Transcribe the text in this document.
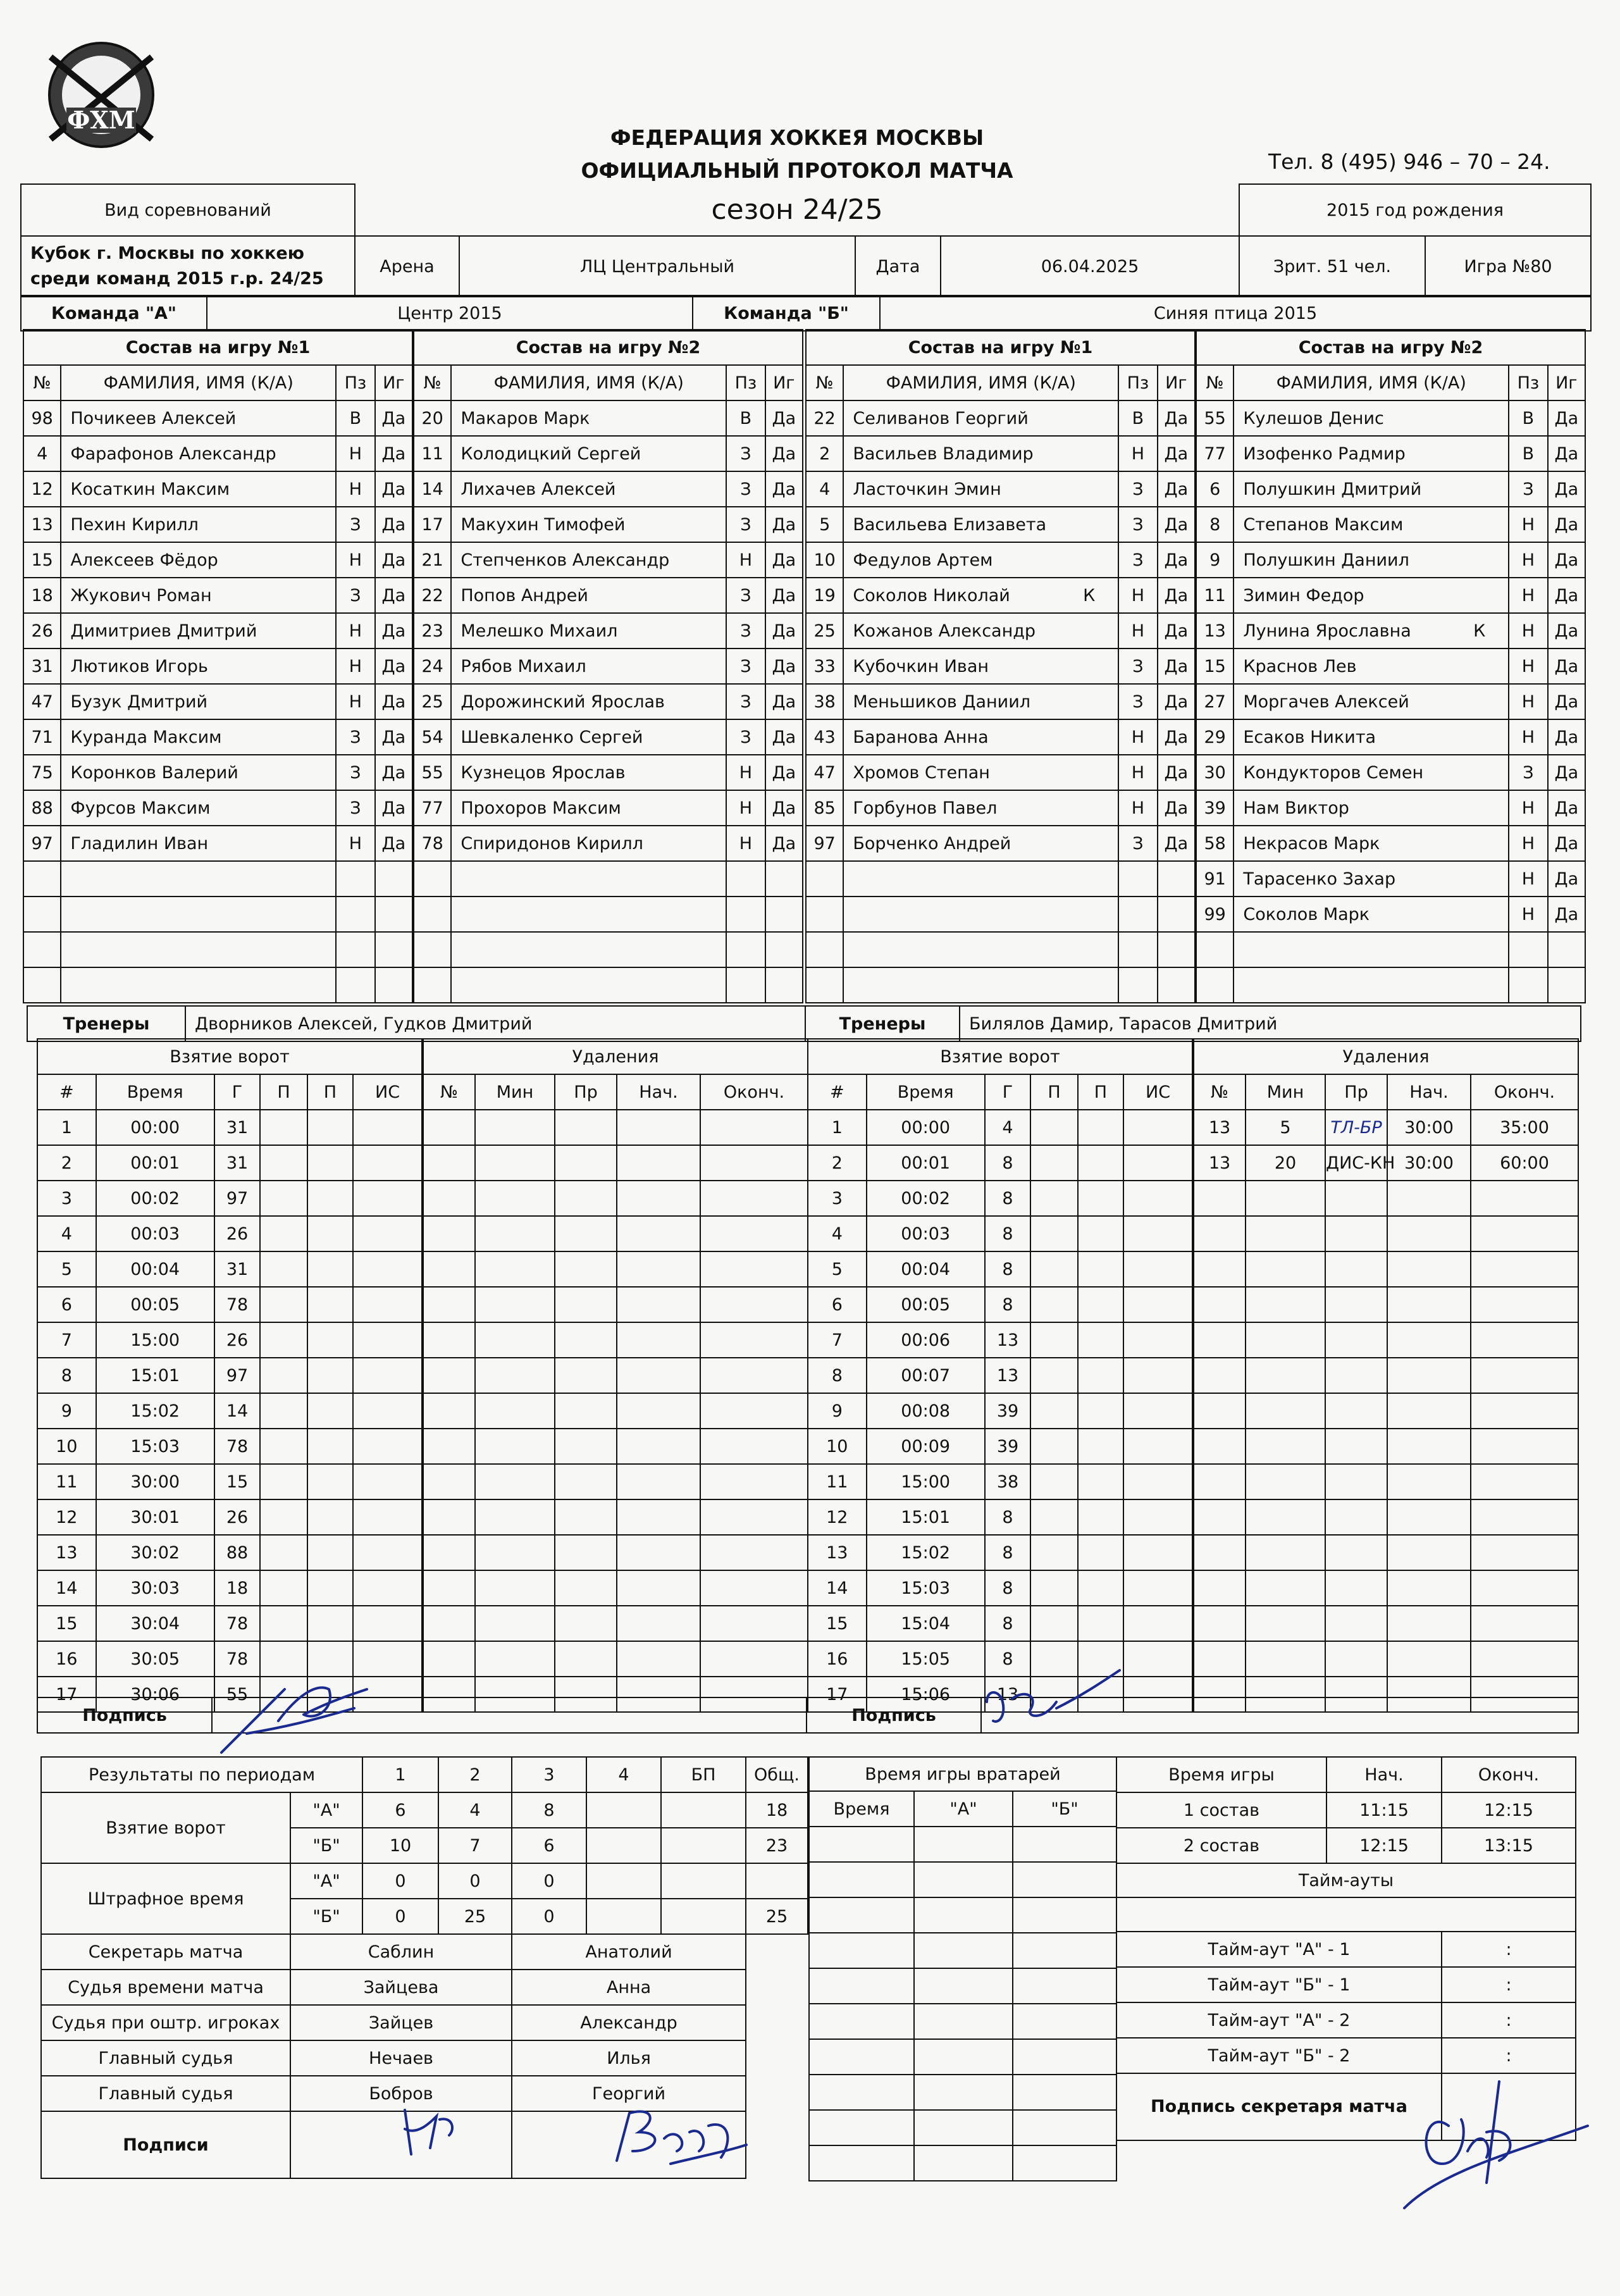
ФХМ
ФЕДЕРАЦИЯ ХОККЕЯ МОСКВЫ
ОФИЦИАЛЬНЫЙ ПРОТОКОЛ МАТЧА	Тел. 8 (495) 946 – 70 – 24.
Вид соревнований	сезон 24/25				2015 год рождения	
Кубок г. Москвы по хоккею среди команд 2015 г.р. 24/25	Арена	ЛЦ Центральный	Дата	06.04.2025	Зрит. 51 чел.	Игра №80
Команда "А"	Центр 2015	Команда "Б"	Синяя птица 2015
Состав на игру №1			
№	ФАМИЛИЯ, ИМЯ (К/А)	Пз	Иг
98	Почикеев Алексей	В	Да
4	Фарафонов Александр	Н	Да
12	Косаткин Максим	Н	Да
13	Пехин Кирилл	З	Да
15	Алексеев Фёдор	Н	Да
18	Жукович Роман	З	Да
26	Димитриев Дмитрий	Н	Да
31	Лютиков Игорь	Н	Да
47	Бузук Дмитрий	Н	Да
71	Куранда Максим	З	Да
75	Коронков Валерий	З	Да
88	Фурсов Максим	З	Да
97	Гладилин Иван	Н	Да

Состав на игру №2			
№	ФАМИЛИЯ, ИМЯ (К/А)	Пз	Иг
20	Макаров Марк	В	Да
11	Колодицкий Сергей	З	Да
14	Лихачев Алексей	З	Да
17	Макухин Тимофей	З	Да
21	Степченков Александр	Н	Да
22	Попов Андрей	З	Да
23	Мелешко Михаил	З	Да
24	Рябов Михаил	З	Да
25	Дорожинский Ярослав	З	Да
54	Шевкаленко Сергей	З	Да
55	Кузнецов Ярослав	Н	Да
77	Прохоров Максим	Н	Да
78	Спиридонов Кирилл	Н	Да

Состав на игру №1			
№	ФАМИЛИЯ, ИМЯ (К/А)	Пз	Иг
22	Селиванов Георгий	В	Да
2	Васильев Владимир	Н	Да
4	Ласточкин Эмин	З	Да
5	Васильева Елизавета	З	Да
10	Федулов Артем	З	Да
19	Соколов Николай К	Н	Да
25	Кожанов Александр	Н	Да
33	Кубочкин Иван	З	Да
38	Меньшиков Даниил	З	Да
43	Баранова Анна	Н	Да
47	Хромов Степан	Н	Да
85	Горбунов Павел	Н	Да
97	Борченко Андрей	З	Да

Состав на игру №2			
№	ФАМИЛИЯ, ИМЯ (К/А)	Пз	Иг
55	Кулешов Денис	В	Да
77	Изофенко Радмир	В	Да
6	Полушкин Дмитрий	З	Да
8	Степанов Максим	Н	Да
9	Полушкин Даниил	Н	Да
11	Зимин Федор	Н	Да
13	Лунина Ярославна К	Н	Да
15	Краснов Лев	Н	Да
27	Моргачев Алексей	Н	Да
29	Есаков Никита	Н	Да
30	Кондукторов Семен	З	Да
39	Нам Виктор	Н	Да
58	Некрасов Марк	Н	Да
91	Тарасенко Захар	Н	Да
99	Соколов Марк	Н	Да

Тренеры	Дворников Алексей, Гудков Дмитрий	Тренеры	Билялов Дамир, Тарасов Дмитрий
Взятие ворот					
#	Время	Г	П	П	ИС
1	00:00	31			
2	00:01	31			
3	00:02	97			
4	00:03	26			
5	00:04	31			
6	00:05	78			
7	15:00	26			
8	15:01	97			
9	15:02	14			
10	15:03	78			
11	30:00	15			
12	30:01	26			
13	30:02	88			
14	30:03	18			
15	30:04	78			
16	30:05	78			
17	30:06	55			
Удаления				
№	Мин	Пр	Нач.	Оконч.

Взятие ворот					
#	Время	Г	П	П	ИС
1	00:00	4			
2	00:01	8			
3	00:02	8			
4	00:03	8			
5	00:04	8			
6	00:05	8			
7	00:06	13			
8	00:07	13			
9	00:08	39			
10	00:09	39			
11	15:00	38			
12	15:01	8			
13	15:02	8			
14	15:03	8			
15	15:04	8			
16	15:05	8			
17	15:06	13			
Удаления				
№	Мин	Пр	Нач.	Оконч.
13	5	ТЛ-БР	30:00	35:00
13	20	ДИС-КН	30:00	60:00

Подпись		Подпись	
Результаты по периодам		1	2	3	4	БП	Общ.
Взятие ворот	"А"	6	4	8			18
	"Б"	10	7	6			23
Штрафное время	"А"	0	0	0			
	"Б"	0	25	0			25
Секретарь матча	Саблин			Анатолий			
Судья времени матча	Зайцева			Анна			
Судья при оштр. игроках	Зайцев			Александр			
Главный судья	Нечаев			Илья			
Главный судья	Бобров			Георгий			
Подписи							
Время игры вратарей		
Время	"А"	"Б"

Время игры	Нач.	Оконч.
1 состав	11:15	12:15
2 состав	12:15	13:15
Тайм-ауты		

Тайм-аут "А" - 1		:
Тайм-аут "Б" - 1		:
Тайм-аут "А" - 2		:
Тайм-аут "Б" - 2		:
Подпись секретаря матча		
